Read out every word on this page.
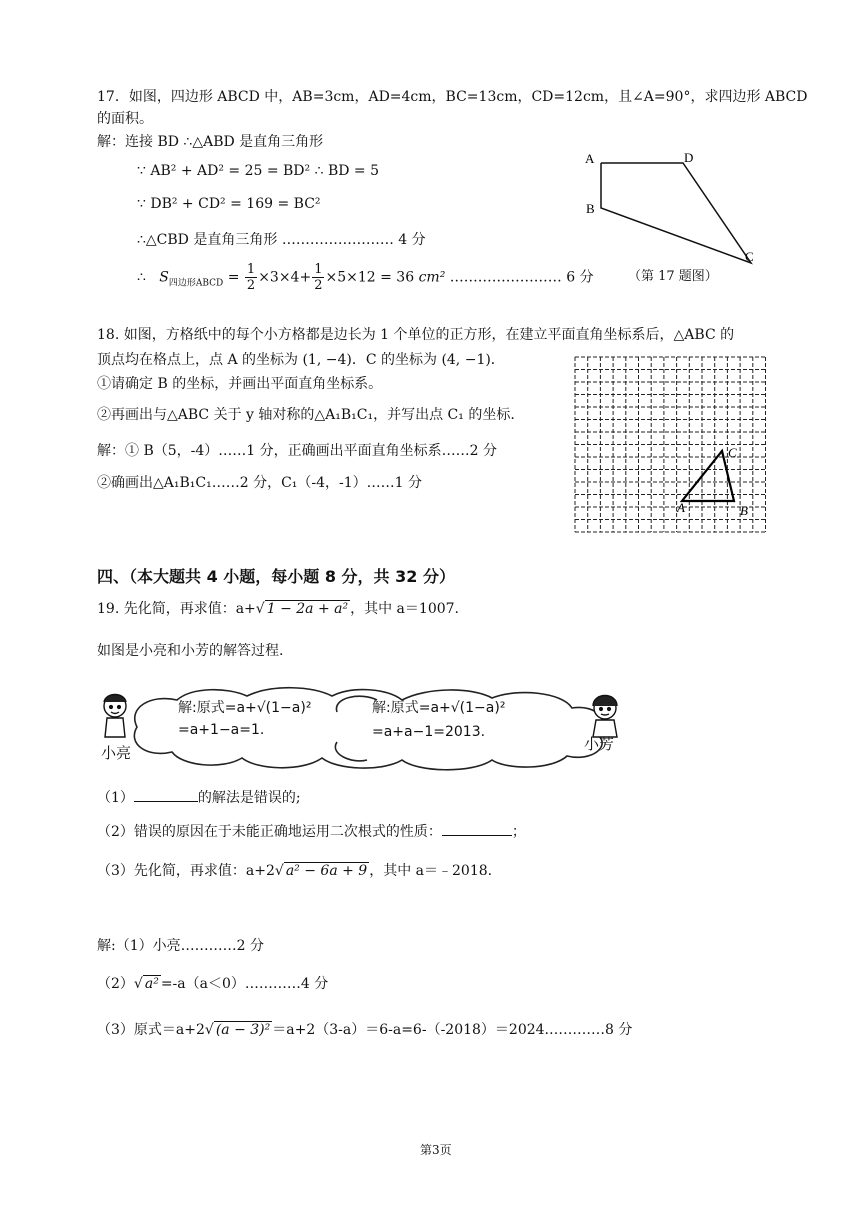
17．如图，四边形 ABCD 中，AB=3cm，AD=4cm，BC=13cm，CD=12cm，且∠A=90°，求四边形 ABCD
的面积。
解：连接 BD ∴△ABD 是直角三角形
∵ AB² + AD² = 25 = BD² ∴ BD = 5
∵ DB² + CD² = 169 = BC²
∴△CBD 是直角三角形 …………………… 4 分
∴ $S_{四边形ABCD} = \frac{1}{2} \times 3\times 4+ \frac{1}{2} \times 5\times 12 = 36$ cm² …………………… 6 分
A	D
B
C
（第 17 题图）
18. 如图，方格纸中的每个小方格都是边长为 1 个单位的正方形，在建立平面直角坐标系后，△ABC 的
顶点均在格点上，点 A 的坐标为 (1, −4)．C 的坐标为 (4, −1)．
①请确定 B 的坐标，并画出平面直角坐标系。
②再画出与△ABC 关于 y 轴对称的△A₁B₁C₁，并写出点 C₁ 的坐标.
解：① B（5，-4）……1 分，正确画出平面直角坐标系……2 分
②确画出△A₁B₁C₁……2 分，C₁（-4，-1）……1 分
A	B
C
四、（本大题共 4 小题，每小题 8 分，共 32 分）
19. 先化简，再求值：a+√ 1 − 2a + a² ，其中 a＝1007.
如图是小亮和小芳的解答过程.
解:原式=a+√(1−a)²
=a+1−a=1.
解:原式=a+√(1−a)²
=a+a−1=2013.
小亮	小芳
（1）	的解法是错误的;
（2）错误的原因在于未能正确地运用二次根式的性质：	；
（3）先化简，再求值：a+2√ a² − 6a + 9 ，其中 a＝﹣2018.
解:（1）小亮…………2 分
（2）√ a² =-a（a＜0）…………4 分
（3）原式＝a+2√ (a − 3)² ＝a+2（3-a）＝6-a=6-（-2018）＝2024.…………8 分
第3页
